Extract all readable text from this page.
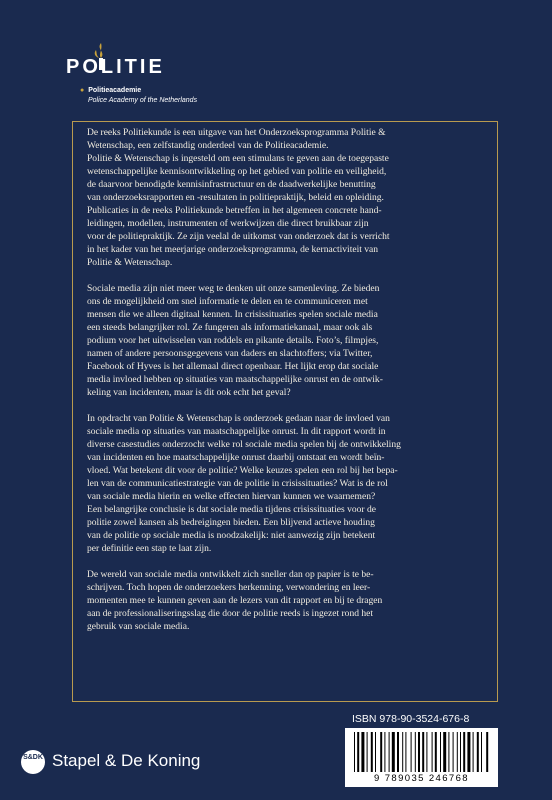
POLITIE
● Politieacademie
Police Academy of the Netherlands

De reeks Politiekunde is een uitgave van het Onderzoeksprogramma Politie &
Wetenschap, een zelfstandig onderdeel van de Politieacademie.
Politie & Wetenschap is ingesteld om een stimulans te geven aan de toegepaste
wetenschappelijke kennisontwikkeling op het gebied van politie en veiligheid,
de daarvoor benodigde kennisinfrastructuur en de daadwerkelijke benutting
van onderzoeksrapporten en -resultaten in politiepraktijk, beleid en opleiding.
Publicaties in de reeks Politiekunde betreffen in het algemeen concrete hand-
leidingen, modellen, instrumenten of werkwijzen die direct bruikbaar zijn
voor de politiepraktijk. Ze zijn veelal de uitkomst van onderzoek dat is verricht
in het kader van het meerjarige onderzoeksprogramma, de kernactiviteit van
Politie & Wetenschap.

Sociale media zijn niet meer weg te denken uit onze samenleving. Ze bieden
ons de mogelijkheid om snel informatie te delen en te communiceren met
mensen die we alleen digitaal kennen. In crisissituaties spelen sociale media
een steeds belangrijker rol. Ze fungeren als informatiekanaal, maar ook als
podium voor het uitwisselen van roddels en pikante details. Foto’s, filmpjes,
namen of andere persoonsgegevens van daders en slachtoffers; via Twitter,
Facebook of Hyves is het allemaal direct openbaar. Het lijkt erop dat sociale
media invloed hebben op situaties van maatschappelijke onrust en de ontwik-
keling van incidenten, maar is dit ook echt het geval?

In opdracht van Politie & Wetenschap is onderzoek gedaan naar de invloed van
sociale media op situaties van maatschappelijke onrust. In dit rapport wordt in
diverse casestudies onderzocht welke rol sociale media spelen bij de ontwikkeling
van incidenten en hoe maatschappelijke onrust daarbij ontstaat en wordt beïn-
vloed. Wat betekent dit voor de politie? Welke keuzes spelen een rol bij het bepa-
len van de communicatiestrategie van de politie in crisissituaties? Wat is de rol
van sociale media hierin en welke effecten hiervan kunnen we waarnemen?
Een belangrijke conclusie is dat sociale media tijdens crisissituaties voor de
politie zowel kansen als bedreigingen bieden. Een blijvend actieve houding
van de politie op sociale media is noodzakelijk: niet aanwezig zijn betekent
per definitie een stap te laat zijn.

De wereld van sociale media ontwikkelt zich sneller dan op papier is te be-
schrijven. Toch hopen de onderzoekers herkenning, verwondering en leer-
momenten mee te kunnen geven aan de lezers van dit rapport en bij te dragen
aan de professionaliseringsslag die door de politie reeds is ingezet rond het
gebruik van sociale media.

ISBN 978-90-3524-676-8
9 789035 246768
S&DK Stapel & De Koning
